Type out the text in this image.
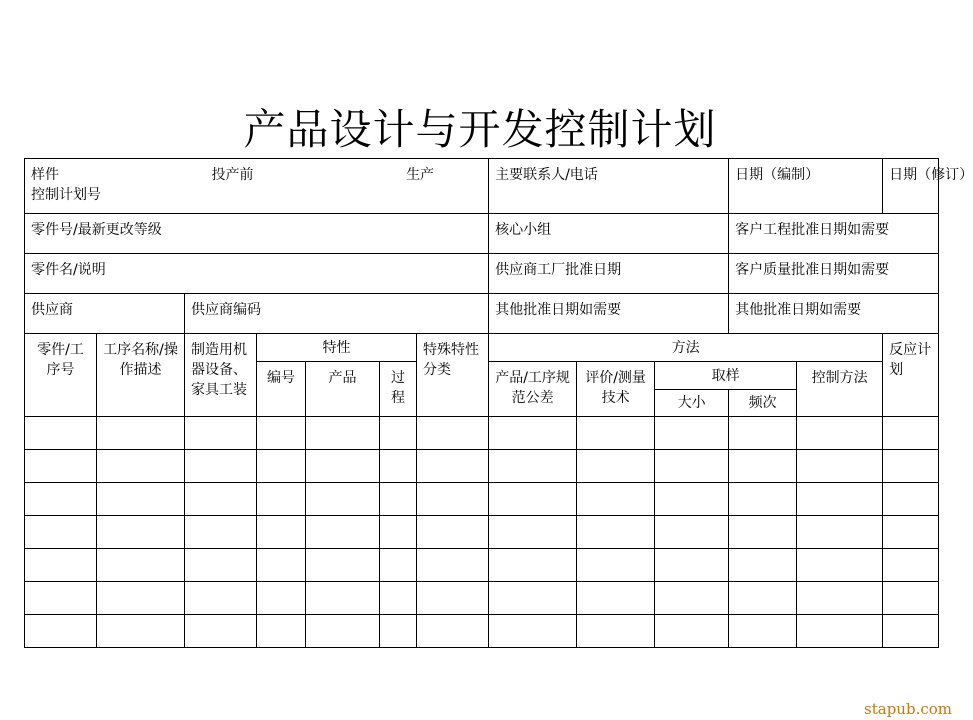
产品设计与开发控制计划
样件 投产前 生产
控制计划号							主要联系人/电话			日期（编制）		日期（修订）
零件号/最新更改等级							核心小组			客户工程批准日期如需要		
零件名/说明							供应商工厂批准日期			客户质量批准日期如需要		
供应商		供应商编码					其他批准日期如需要			其他批准日期如需要		
零件/工序号	工序名称/操作描述	制造用机器设备、家具工装	特性			特殊特性分类	方法					反应计划
			编号	产品	过程		产品/工序规范公差	评价/测量技术	取样		控制方法	
									大小	频次		

stapub.com
